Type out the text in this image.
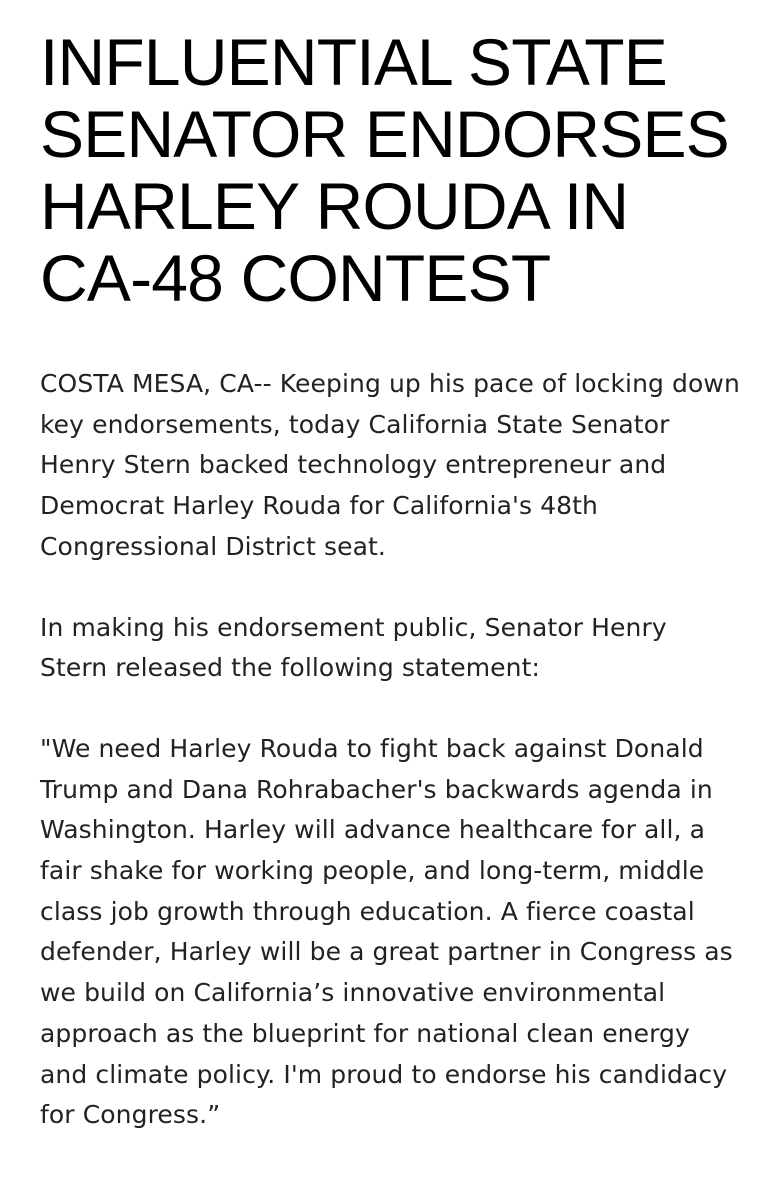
INFLUENTIAL STATE SENATOR ENDORSES HARLEY ROUDA IN CA-48 CONTEST

COSTA MESA, CA-- Keeping up his pace of locking down key endorsements, today California State Senator Henry Stern backed technology entrepreneur and Democrat Harley Rouda for California's 48th Congressional District seat.

In making his endorsement public, Senator Henry Stern released the following statement:

"We need Harley Rouda to fight back against Donald Trump and Dana Rohrabacher's backwards agenda in Washington. Harley will advance healthcare for all, a fair shake for working people, and long-term, middle class job growth through education. A fierce coastal defender, Harley will be a great partner in Congress as we build on California’s innovative environmental approach as the blueprint for national clean energy and climate policy. I'm proud to endorse his candidacy for Congress.”
